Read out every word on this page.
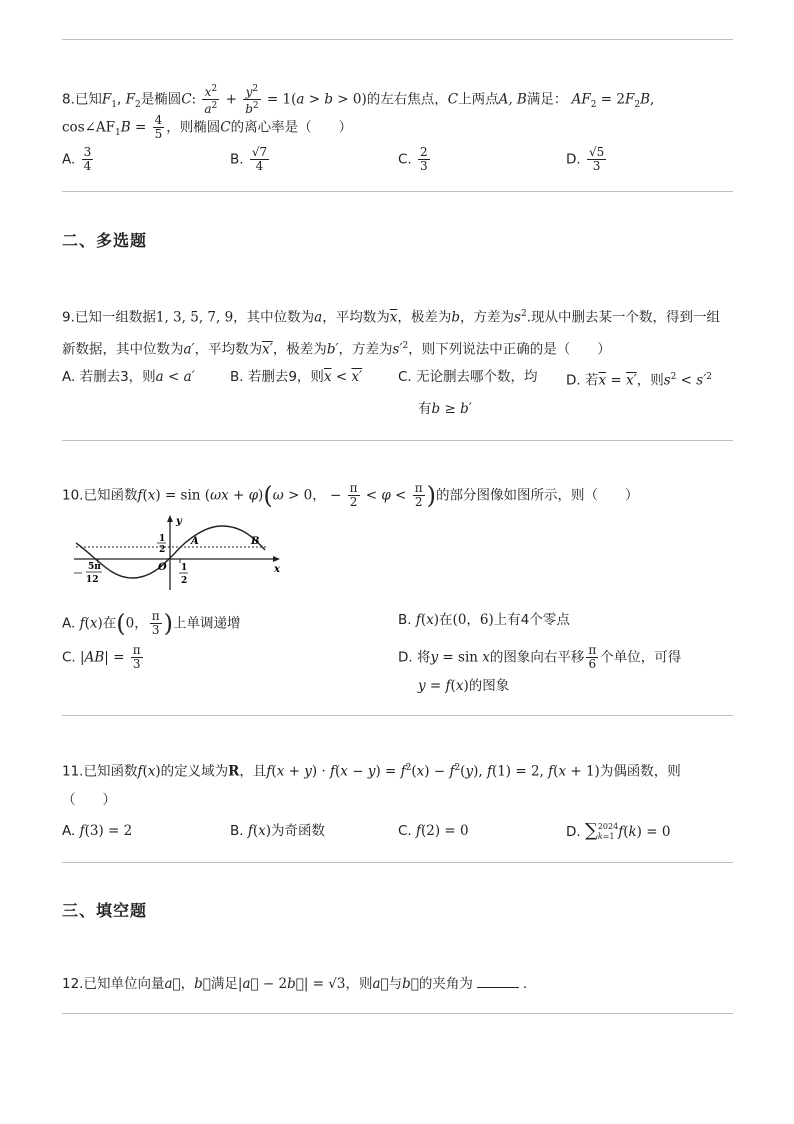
8.已知$F_1$, $F_2$是椭圆C: $\frac{x^2}{a^2} + \frac{y^2}{b^2} = 1(a > b > 0)$的左右焦点，C上两点A, B满足： $AF_2 = 2F_2B$,
$\cos\angle AF_1B = \frac{4}{5}$ ，则椭圆C的离心率是（　　）
A. $\frac{3}{4}$	B. $\frac{√7}{4}$	C. $\frac{2}{3}$	D. $\frac{√5}{3}$
二、多选题
9.已知一组数据1, 3, 5, 7, 9，其中位数为a，平均数为$\overline{x}$，极差为b，方差为$s^2$.现从中删去某一个数，得到一组
新数据，其中位数为a′，平均数为x′，极差为b′，方差为$s'^2$，则下列说法中正确的是（　　）
A. 若删去3，则a < a′	B. 若删去9，则$\overline{x} < x'$	C. 无论删去哪个数，均
有b ≥ b′
D. 若$\overline{x} = x'$，则$s^2 < s'^2$
10.已知函数f(x) = sin (ωx + φ)(ω > 0， − $\frac{\pi}{2} < \varphi < \frac{\pi}{2}$ )的部分图像如图所示，则（　　）
y
x
1
2
5π
12
O 1
2
A	B
A. f(x)在(0， $\frac{\pi}{3}$ )上单调递增	B. f(x)在(0，6)上有4个零点
C. $|AB| = \frac{\pi}{3}$	D. 将y = sin x的图象向右平移 $\frac{\pi}{6}$ 个单位，可得
y = f(x)的图象
11.已知函数f(x)的定义域为R，且$f(x + y) \cdot f(x - y) = f^2(x) - f^2(y)$, f(1) = 2, f(x + 1)为偶函数，则
（　　）
A. f(3) = 2	B. f(x)为奇函数	C. f(2) = 0	D. ∑ 2024
k=1 f(k) = 0
三、填空题
12.已知单位向量a⃗，b⃗满足|a⃗ − 2b⃗| = √3，则a⃗与b⃗的夹角为	.
